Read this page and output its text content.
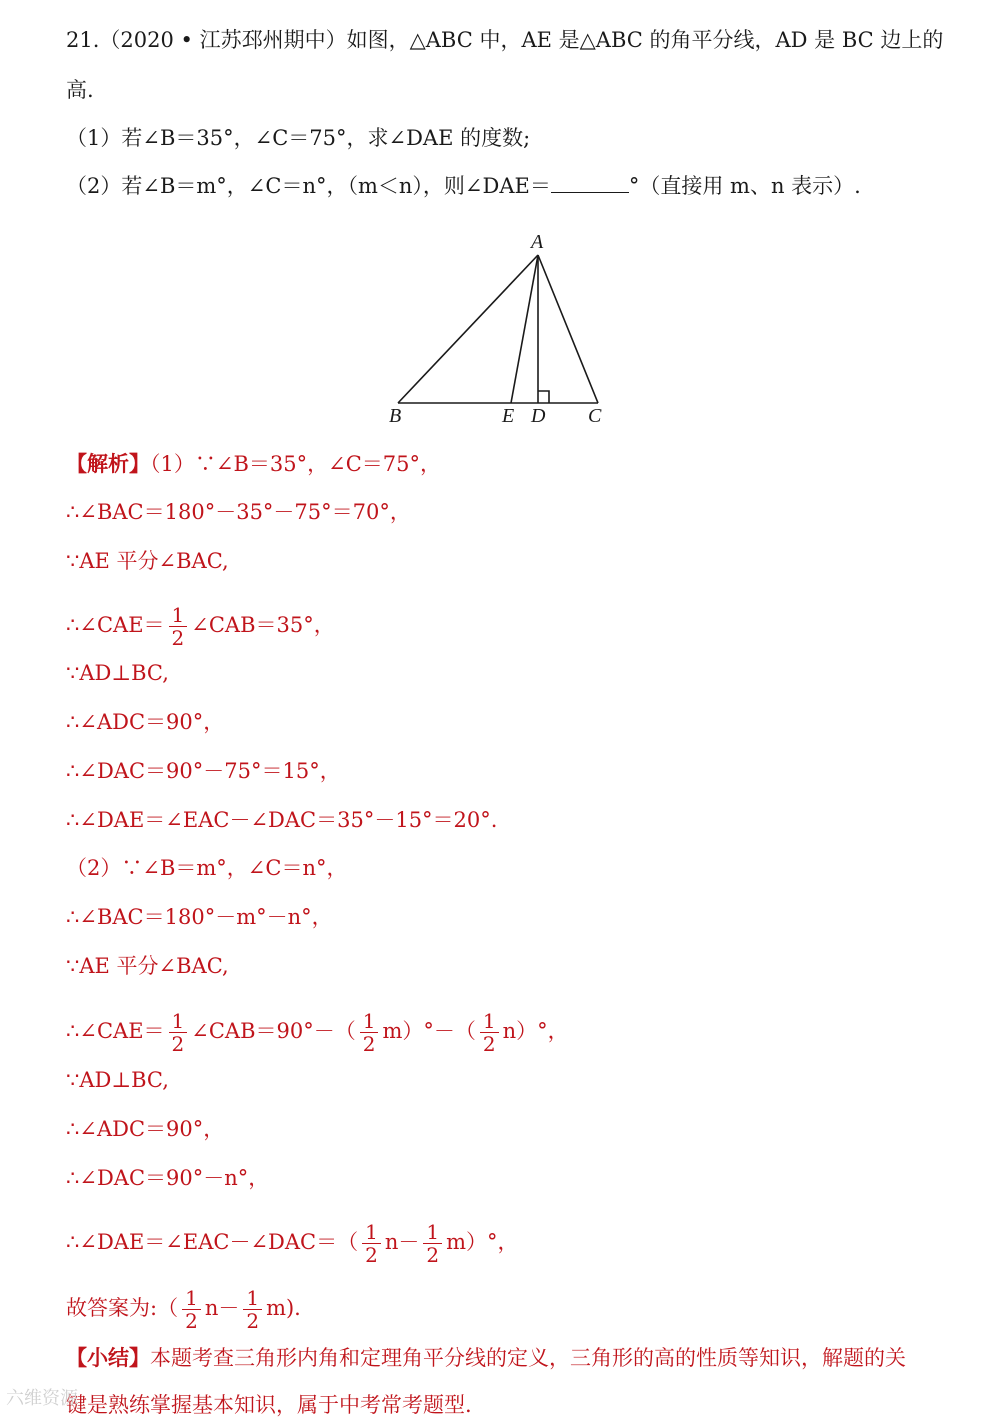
21.（2020 • 江苏邳州期中）如图，△ABC 中，AE 是△ABC 的角平分线，AD 是 BC 边上的
高.
（1）若∠B＝35°，∠C＝75°，求∠DAE 的度数;
（2）若∠B＝m°，∠C＝n°，（m＜n），则∠DAE＝	°（直接用 m、n 表示）.
A
B	E D C
【解析】（1）∵∠B＝35°，∠C＝75°，
∴∠BAC＝180°－35°－75°＝70°，
∵AE 平分∠BAC,
∴∠CAE＝ $\frac{1}{2}$ ∠CAB＝35°，
∵AD⊥BC,
∴∠ADC＝90°，
∴∠DAC＝90°－75°＝15°，
∴∠DAE＝∠EAC－∠DAC＝35°－15°＝20°.
（2）∵∠B＝m°，∠C＝n°，
∴∠BAC＝180°－m°－n°，
∵AE 平分∠BAC,
∴∠CAE＝ $\frac{1}{2}$ ∠CAB＝90°－（ $\frac{1}{2} m)^\circ-( \frac{1}{2} n)^\circ$，
∵AD⊥BC,
∴∠ADC＝90°，
∴∠DAC＝90°－n°，
∴∠DAE＝∠EAC－∠DAC＝（ $\frac{1}{2} n- \frac{1}{2} m)^\circ$，
故答案为:（ $\frac{1}{2} n- \frac{1}{2} m$).
【小结】本题考查三角形内角和定理角平分线的定义，三角形的高的性质等知识，解题的关
键是熟练掌握基本知识，属于中考常考题型.
六维资源
